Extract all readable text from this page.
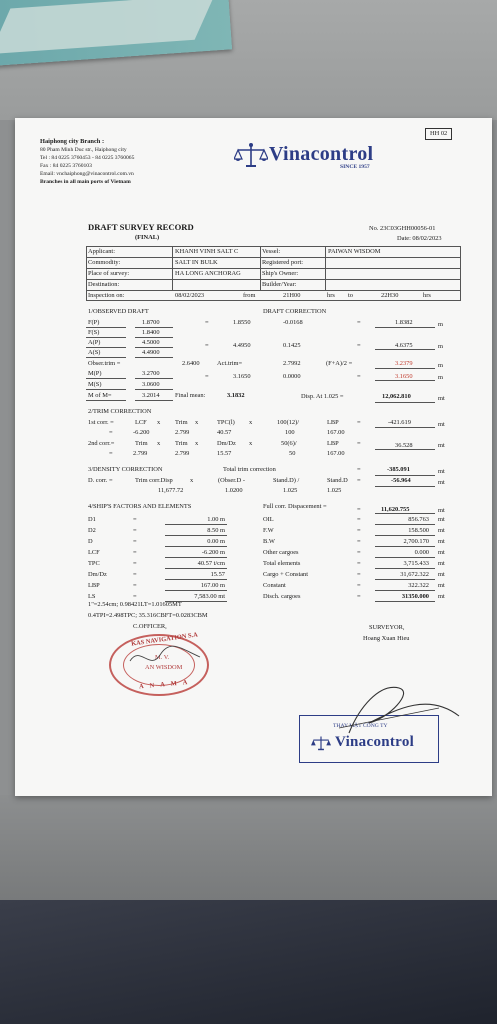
Haiphong city Branch :
80 Pham Minh Duc str., Haiphong city
Tel : 84 0225 3760453 - 84 0225 3760065
Fax : 84 0225 3760103
Email: vnchaiphong@vinacontrol.com.vn
Branches in all main ports of Vietnam
Vinacontrol
SINCE 1957
HH 02
DRAFT SURVEY RECORD
(FINAL)
No. 23C03GHH00056-01
Date: 08/02/2023
Applicant:	KHANH VINH SALT C	Vessel:	PAIWAN WISDOM
Commodity:	SALT IN BULK	Registered port:
Place of survey:	HA LONG ANCHORAG	Ship's Owner:
Destination:	Builder/Year:
Inspection on:	08/02/2023	from	21H00	hrs to	22H30	hrs
1/OBSERVED DRAFT	DRAFT CORRECTION
F(P)	1.8700	=	1.8550	-0.0168	=	1.8382	m
F(S)	1.8400
A(P)	4.5000	=	4.4950	0.1425	=	4.6375	m
A(S)	4.4900
Obser.trim =	2.6400	Act.trim=	2.7992	(F+A)/2 =	3.2379	m
M(P)	3.2700	=	3.1650	0.0000	=	3.1650	m
M(S)	3.0600
M of M=	3.2014 Final mean:	3.1832	Disp. At 1.025 =	12,062.810	mt
2/TRIM CORRECTION
1st corr. =	LCF x Trim x	TPC(l) x	100(12)/	LBP	=	-421.619	mt
=	-6.200	2.799	40.57	100	167.00
2nd corr.=	Trim x Trim x	Dm/Dz x	50(6)/	LBP	=	36.528	mt
=	2.799	2.799	15.57	50	167.00
3/DENSITY CORRECTION	Total trim correction	=	-385.091	mt
D. corr. =	Trim corr.Disp	x	(Obser.D -	Stand.D) /	Stand.D =	-56.964	mt
11,677.72	1.0200	1.025	1.025
4/SHIP'S FACTORS AND ELEMENTS	Full corr. Dispacement =	=	11,620.755	mt
1"=2.54cm; 0.98421LT=1.01605MT
0.4TPI=2.498TPC; 35.316CBFT=0.0283CBM
C.OFFICER,	SURVEYOR,
Hoang Xuan Hieu
KAS NAVIGATION S.A
M. V.
AN WISDOM
ANAMA
THAY MẶT CÔNG TY
Vinacontrol
D1	=	1.00 m	OIL	=	856.763 mt
D2	=	8.50 m	F.W	=	158.500 mt
D	=	0.00 m	B.W	=	2,700.170 mt
LCF	=	-6.200 m	Other cargoes	=	0.000 mt
TPC	=	40.57 t/cm	Total elements	=	3,715.433 mt
Dm/Dz	=	15.57	Cargo + Constant	=	31,672.322 mt
LBP	=	167.00 m	Constant	=	322.322 mt
LS	=	7,583.00 mt	Disch. cargoes	=	31350.000 mt
